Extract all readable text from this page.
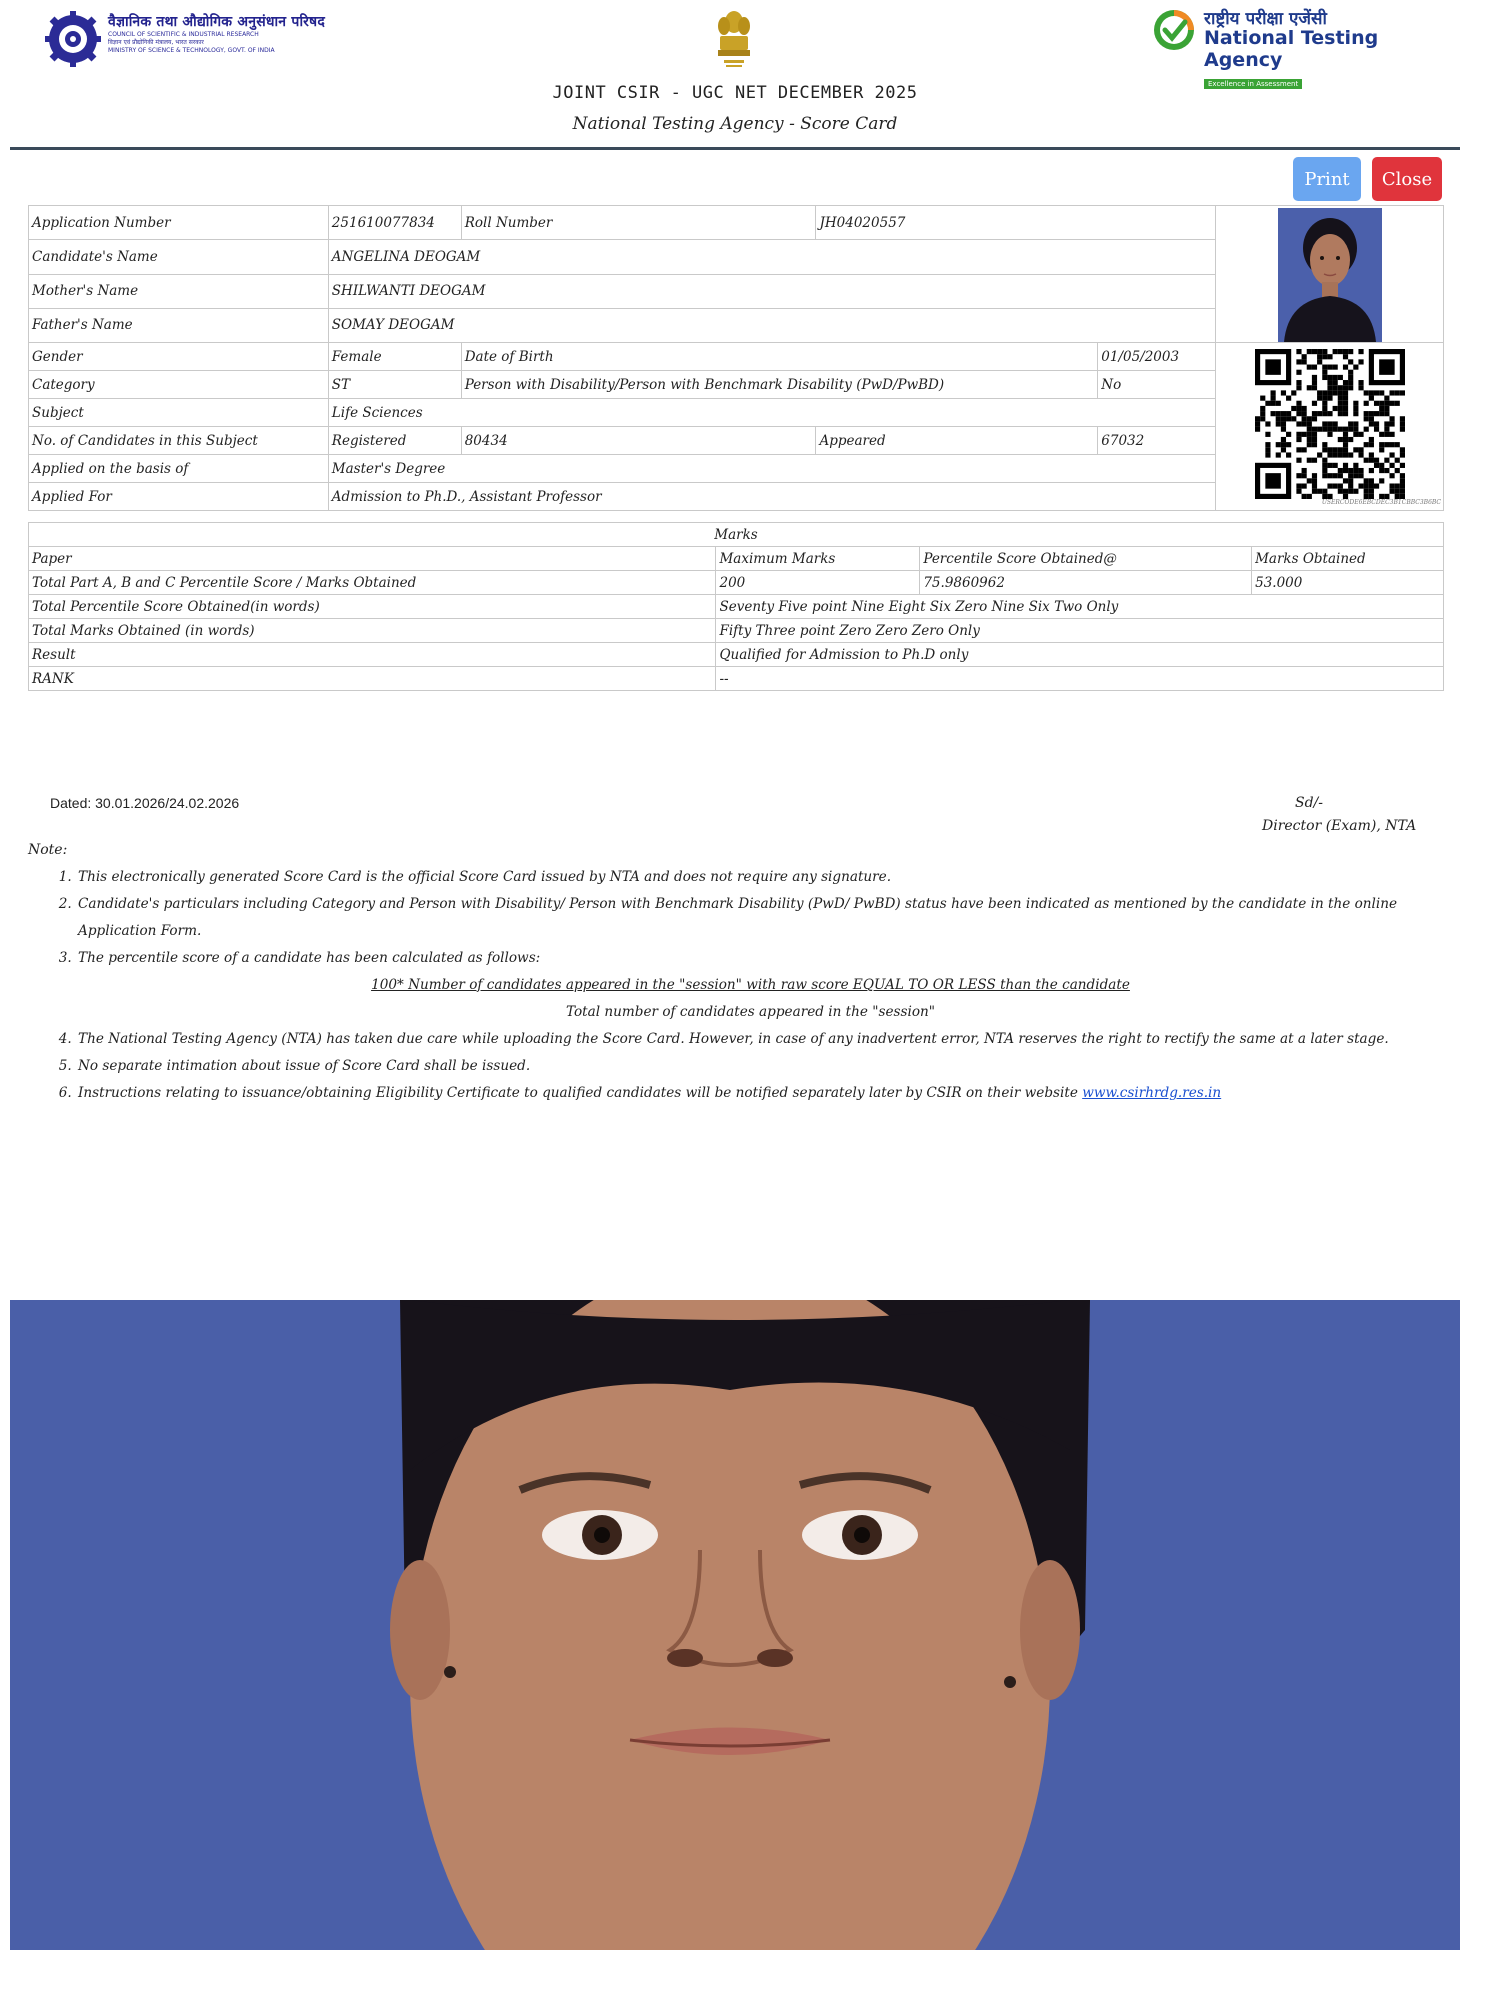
वैज्ञानिक तथा औद्योगिक अनुसंधान परिषद
COUNCIL OF SCIENTIFIC & INDUSTRIAL RESEARCH
विज्ञान एवं प्रौद्योगिकी मंत्रालय, भारत सरकार
MINISTRY OF SCIENCE & TECHNOLOGY, GOVT. OF INDIA
राष्ट्रीय परीक्षा एजेंसी
National Testing Agency
Excellence in Assessment
JOINT CSIR - UGC NET DECEMBER 2025
National Testing Agency - Score Card
Print	Close
Application Number	251610077834	Roll Number	JH04020557	

Candidate's Name	ANGELINA DEOGAM				
Mother's Name	SHILWANTI DEOGAM				
Father's Name	SOMAY DEOGAM				
Gender	Female	Date of Birth		01/05/2003	USERCODE6EBCDEC3B1CBBC3B6BC

Category	ST	Person with Disability/Person with Benchmark Disability (PwD/PwBD)		No	
Subject	Life Sciences				
No. of Candidates in this Subject	Registered	80434	Appeared	67032	
Applied on the basis of	Master's Degree				
Applied For	Admission to Ph.D., Assistant Professor				
Marks			
Paper	Maximum Marks	Percentile Score Obtained@	Marks Obtained
Total Part A, B and C Percentile Score / Marks Obtained	200	75.9860962	53.000
Total Percentile Score Obtained(in words)	Seventy Five point Nine Eight Six Zero Nine Six Two Only		
Total Marks Obtained (in words)	Fifty Three point Zero Zero Zero Only		
Result	Qualified for Admission to Ph.D only		
RANK	--		
Dated: 30.01.2026/24.02.2026	Sd/-
Director (Exam), NTA
Note:
1. This electronically generated Score Card is the official Score Card issued by NTA and does not require any signature.
2. Candidate's particulars including Category and Person with Disability/ Person with Benchmark Disability (PwD/ PwBD) status have been indicated as mentioned by the candidate in the online Application Form.
3. The percentile score of a candidate has been calculated as follows:
100* Number of candidates appeared in the "session" with raw score EQUAL TO OR LESS than the candidate
Total number of candidates appeared in the "session"
4. The National Testing Agency (NTA) has taken due care while uploading the Score Card. However, in case of any inadvertent error, NTA reserves the right to rectify the same at a later stage.
5. No separate intimation about issue of Score Card shall be issued.
6. Instructions relating to issuance/obtaining Eligibility Certificate to qualified candidates will be notified separately later by CSIR on their website www.csirhrdg.res.in
